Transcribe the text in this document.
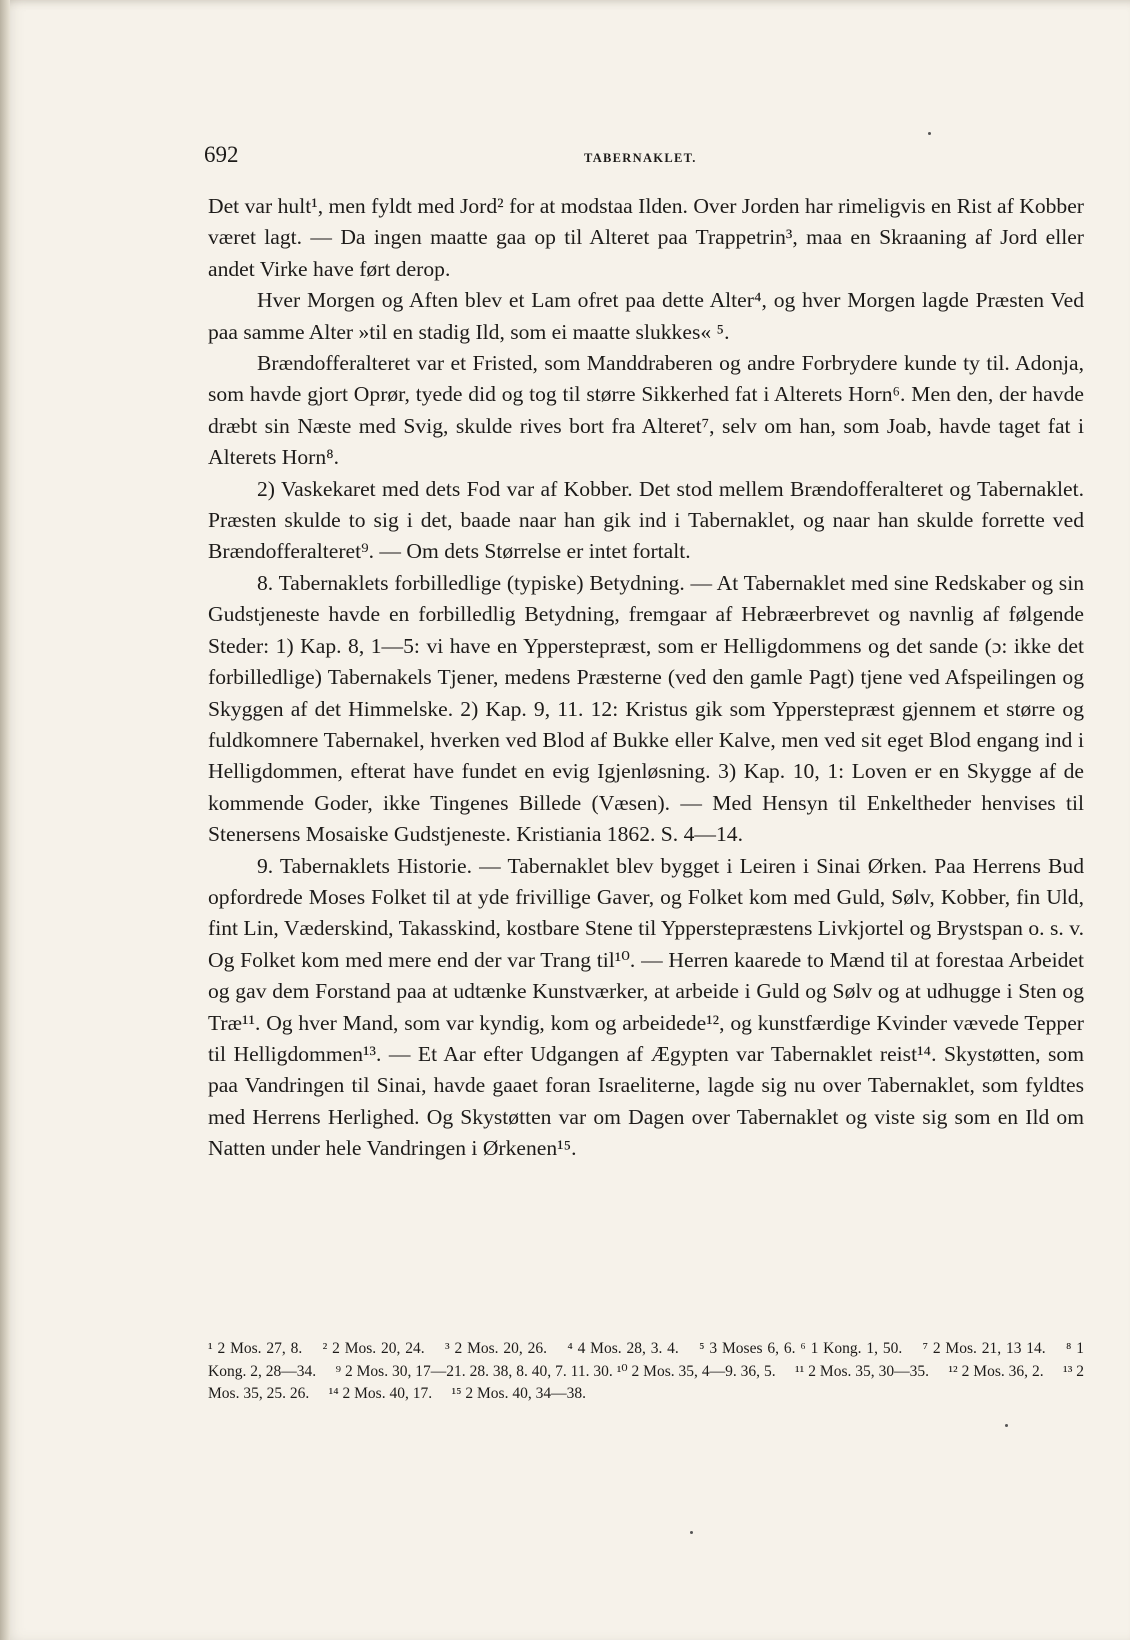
692	TABERNAKLET.

Det var hult¹, men fyldt med Jord² for at modstaa Ilden. Over Jorden har rimeligvis en Rist af Kobber været lagt. — Da ingen maatte gaa op til Alteret paa Trappetrin³, maa en Skraaning af Jord eller andet Virke have ført derop.

Hver Morgen og Aften blev et Lam ofret paa dette Alter⁴, og hver Morgen lagde Præsten Ved paa samme Alter »til en stadig Ild, som ei maatte slukkes« ⁵.

Brændofferalteret var et Fristed, som Manddraberen og andre Forbrydere kunde ty til. Adonja, som havde gjort Oprør, tyede did og tog til større Sikkerhed fat i Alterets Horn⁶. Men den, der havde dræbt sin Næste med Svig, skulde rives bort fra Alteret⁷, selv om han, som Joab, havde taget fat i Alterets Horn⁸.

2) Vaskekaret med dets Fod var af Kobber. Det stod mellem Brændofferalteret og Tabernaklet. Præsten skulde to sig i det, baade naar han gik ind i Tabernaklet, og naar han skulde forrette ved Brændofferalteret⁹. — Om dets Størrelse er intet fortalt.

8. Tabernaklets forbilledlige (typiske) Betydning. — At Tabernaklet med sine Redskaber og sin Gudstjeneste havde en forbilledlig Betydning, fremgaar af Hebræerbrevet og navnlig af følgende Steder: 1) Kap. 8, 1—5: vi have en Ypperstepræst, som er Helligdommens og det sande (ɔ: ikke det forbilledlige) Tabernakels Tjener, medens Præsterne (ved den gamle Pagt) tjene ved Afspeilingen og Skyggen af det Himmelske. 2) Kap. 9, 11. 12: Kristus gik som Ypperstepræst gjennem et større og fuldkomnere Tabernakel, hverken ved Blod af Bukke eller Kalve, men ved sit eget Blod engang ind i Helligdommen, efterat have fundet en evig Igjenløsning. 3) Kap. 10, 1: Loven er en Skygge af de kommende Goder, ikke Tingenes Billede (Væsen). — Med Hensyn til Enkeltheder henvises til Stenersens Mosaiske Gudstjeneste. Kristiania 1862. S. 4—14.

9. Tabernaklets Historie. — Tabernaklet blev bygget i Leiren i Sinai Ørken. Paa Herrens Bud opfordrede Moses Folket til at yde frivillige Gaver, og Folket kom med Guld, Sølv, Kobber, fin Uld, fint Lin, Væderskind, Takasskind, kostbare Stene til Ypperstepræstens Livkjortel og Brystspan o. s. v. Og Folket kom med mere end der var Trang til¹⁰. — Herren kaarede to Mænd til at forestaa Arbeidet og gav dem Forstand paa at udtænke Kunstværker, at arbeide i Guld og Sølv og at udhugge i Sten og Træ¹¹. Og hver Mand, som var kyndig, kom og arbeidede¹², og kunstfærdige Kvinder vævede Tepper til Helligdommen¹³. — Et Aar efter Udgangen af Ægypten var Tabernaklet reist¹⁴. Skystøtten, som paa Vandringen til Sinai, havde gaaet foran Israeliterne, lagde sig nu over Tabernaklet, som fyldtes med Herrens Herlighed. Og Skystøtten var om Dagen over Tabernaklet og viste sig som en Ild om Natten under hele Vandringen i Ørkenen¹⁵.

¹ 2 Mos. 27, 8.  ² 2 Mos. 20, 24.  ³ 2 Mos. 20, 26.  ⁴ 4 Mos. 28, 3. 4.  ⁵ 3 Moses 6, 6. ⁶ 1 Kong. 1, 50.  ⁷ 2 Mos. 21, 13 14.  ⁸ 1 Kong. 2, 28—34.  ⁹ 2 Mos. 30, 17—21. 28. 38, 8. 40, 7. 11. 30. ¹⁰ 2 Mos. 35, 4—9. 36, 5.  ¹¹ 2 Mos. 35, 30—35.  ¹² 2 Mos. 36, 2.  ¹³ 2 Mos. 35, 25. 26.  ¹⁴ 2 Mos. 40, 17.  ¹⁵ 2 Mos. 40, 34—38.
